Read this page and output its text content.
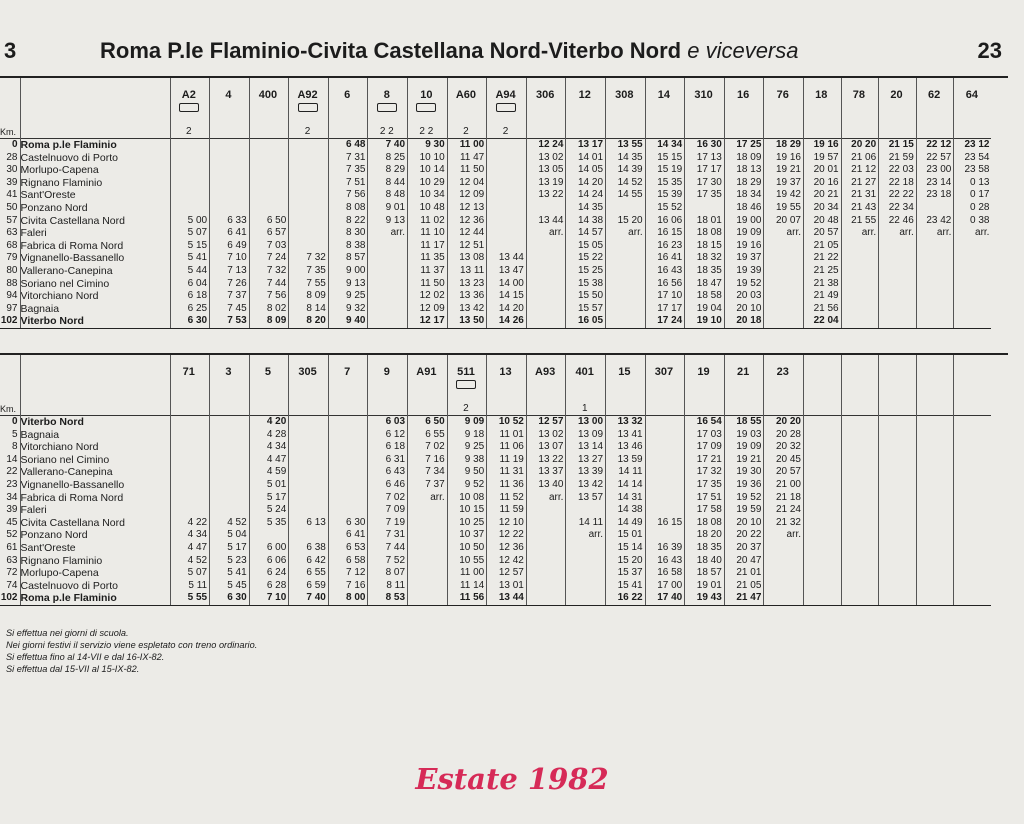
3	Roma P.le Flaminio-Civita Castellana Nord-Viterbo Nord e viceversa	23
		A2	4	400	A92	6	8	10	A60	A94	306	12	308	14	310	16	76	18	78	20	62	64
Km.		2			2		2 2	2 2	2	2												
0	Roma p.le Flaminio					6 48	7 40	9 30	11 00		12 24	13 17	13 55	14 34	16 30	17 25	18 29	19 16	20 20	21 15	22 12	23 12
28	Castelnuovo di Porto					7 31	8 25	10 10	11 47		13 02	14 01	14 35	15 15	17 13	18 09	19 16	19 57	21 06	21 59	22 57	23 54
30	Morlupo-Capena					7 35	8 29	10 14	11 50		13 05	14 05	14 39	15 19	17 17	18 13	19 21	20 01	21 12	22 03	23 00	23 58
39	Rignano Flaminio					7 51	8 44	10 29	12 04		13 19	14 20	14 52	15 35	17 30	18 29	19 37	20 16	21 27	22 18	23 14	0 13
41	Sant'Oreste					7 56	8 48	10 34	12 09		13 22	14 24	14 55	15 39	17 35	18 34	19 42	20 21	21 31	22 22	23 18	0 17
50	Ponzano Nord					8 08	9 01	10 48	12 13			14 35		15 52		18 46	19 55	20 34	21 43	22 34		0 28
57	Civita Castellana Nord	5 00	6 33	6 50		8 22	9 13	11 02	12 36		13 44	14 38	15 20	16 06	18 01	19 00	20 07	20 48	21 55	22 46	23 42	0 38
63	Faleri	5 07	6 41	6 57		8 30	arr.	11 10	12 44		arr.	14 57	arr.	16 15	18 08	19 09	arr.	20 57	arr.	arr.	arr.	arr.
68	Fabrica di Roma Nord	5 15	6 49	7 03		8 38		11 17	12 51			15 05		16 23	18 15	19 16		21 05				
79	Vignanello-Bassanello	5 41	7 10	7 24	7 32	8 57		11 35	13 08	13 44		15 22		16 41	18 32	19 37		21 22				
80	Vallerano-Canepina	5 44	7 13	7 32	7 35	9 00		11 37	13 11	13 47		15 25		16 43	18 35	19 39		21 25				
88	Soriano nel Cimino	6 04	7 26	7 44	7 55	9 13		11 50	13 23	14 00		15 38		16 56	18 47	19 52		21 38				
94	Vitorchiano Nord	6 18	7 37	7 56	8 09	9 25		12 02	13 36	14 15		15 50		17 10	18 58	20 03		21 49				
97	Bagnaia	6 25	7 45	8 02	8 14	9 32		12 09	13 42	14 20		15 57		17 17	19 04	20 10		21 56				
102	Viterbo Nord	6 30	7 53	8 09	8 20	9 40		12 17	13 50	14 26		16 05		17 24	19 10	20 18		22 04				
		71	3	5	305	7	9	A91	511	13	A93	401	15	307	19	21	23					
Km.									2			1										
0	Viterbo Nord			4 20			6 03	6 50	9 09	10 52	12 57	13 00	13 32		16 54	18 55	20 20					
5	Bagnaia			4 28			6 12	6 55	9 18	11 01	13 02	13 09	13 41		17 03	19 03	20 28					
8	Vitorchiano Nord			4 34			6 18	7 02	9 25	11 06	13 07	13 14	13 46		17 09	19 09	20 32					
14	Soriano nel Cimino			4 47			6 31	7 16	9 38	11 19	13 22	13 27	13 59		17 21	19 21	20 45					
22	Vallerano-Canepina			4 59			6 43	7 34	9 50	11 31	13 37	13 39	14 11		17 32	19 30	20 57					
23	Vignanello-Bassanello			5 01			6 46	7 37	9 52	11 36	13 40	13 42	14 14		17 35	19 36	21 00					
34	Fabrica di Roma Nord			5 17			7 02	arr.	10 08	11 52	arr.	13 57	14 31		17 51	19 52	21 18					
39	Faleri			5 24			7 09		10 15	11 59			14 38		17 58	19 59	21 24					
45	Civita Castellana Nord	4 22	4 52	5 35	6 13	6 30	7 19		10 25	12 10		14 11	14 49	16 15	18 08	20 10	21 32					
52	Ponzano Nord	4 34	5 04			6 41	7 31		10 37	12 22		arr.	15 01		18 20	20 22	arr.					
61	Sant'Oreste	4 47	5 17	6 00	6 38	6 53	7 44		10 50	12 36			15 14	16 39	18 35	20 37						
63	Rignano Flaminio	4 52	5 23	6 06	6 42	6 58	7 52		10 55	12 42			15 20	16 43	18 40	20 47						
72	Morlupo-Capena	5 07	5 41	6 24	6 55	7 12	8 07		11 00	12 57			15 37	16 58	18 57	21 01						
74	Castelnuovo di Porto	5 11	5 45	6 28	6 59	7 16	8 11		11 14	13 01			15 41	17 00	19 01	21 05						
102	Roma p.le Flaminio	5 55	6 30	7 10	7 40	8 00	8 53		11 56	13 44			16 22	17 40	19 43	21 47						
Si effettua nei giorni di scuola.
Nei giorni festivi il servizio viene espletato con treno ordinario.
Si effettua fino al 14-VII e dal 16-IX-82.
Si effettua dal 15-VII al 15-IX-82.
Estate 1982
